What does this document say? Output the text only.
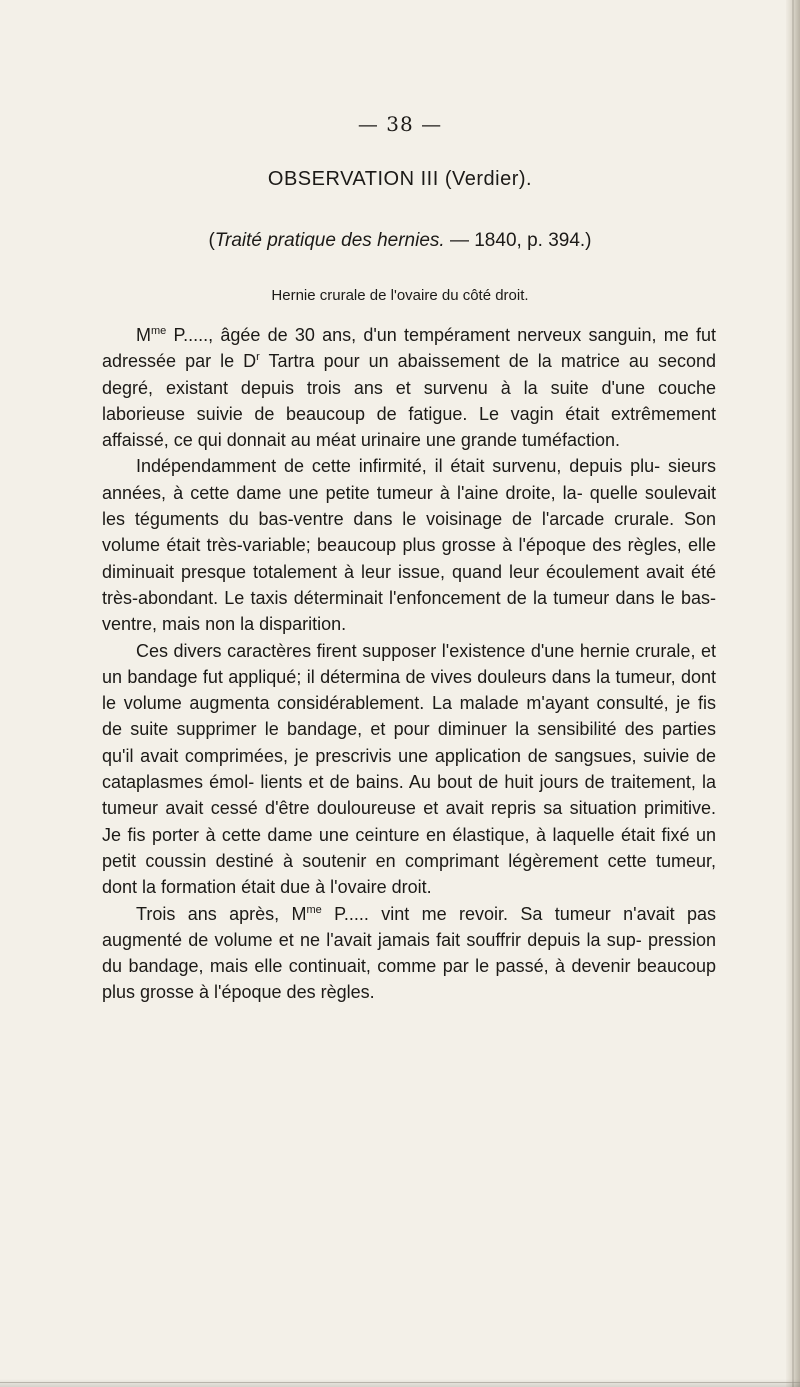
— 38 —
OBSERVATION III (Verdier).
(Traité pratique des hernies. — 1840, p. 394.)
Hernie crurale de l'ovaire du côté droit.

$M^{me}$ P....., âgée de 30 ans, d'un tempérament nerveux sanguin, me fut adressée par le $D^r$ Tartra pour un abaissement de la matrice au second degré, existant depuis trois ans et survenu à la suite d'une couche laborieuse suivie de beaucoup de fatigue. Le vagin était extrêmement affaissé, ce qui donnait au méat urinaire une grande tuméfaction.

Indépendamment de cette infirmité, il était survenu, depuis plu- sieurs années, à cette dame une petite tumeur à l'aine droite, la- quelle soulevait les téguments du bas-ventre dans le voisinage de l'arcade crurale. Son volume était très-variable; beaucoup plus grosse à l'époque des règles, elle diminuait presque totalement à leur issue, quand leur écoulement avait été très-abondant. Le taxis déterminait l'enfoncement de la tumeur dans le bas-ventre, mais non la disparition.

Ces divers caractères firent supposer l'existence d'une hernie crurale, et un bandage fut appliqué; il détermina de vives douleurs dans la tumeur, dont le volume augmenta considérablement. La malade m'ayant consulté, je fis de suite supprimer le bandage, et pour diminuer la sensibilité des parties qu'il avait comprimées, je prescrivis une application de sangsues, suivie de cataplasmes émol- lients et de bains. Au bout de huit jours de traitement, la tumeur avait cessé d'être douloureuse et avait repris sa situation primitive. Je fis porter à cette dame une ceinture en élastique, à laquelle était fixé un petit coussin destiné à soutenir en comprimant légèrement cette tumeur, dont la formation était due à l'ovaire droit.

Trois ans après, $M^{me}$ P..... vint me revoir. Sa tumeur n'avait pas augmenté de volume et ne l'avait jamais fait souffrir depuis la sup- pression du bandage, mais elle continuait, comme par le passé, à devenir beaucoup plus grosse à l'époque des règles.
